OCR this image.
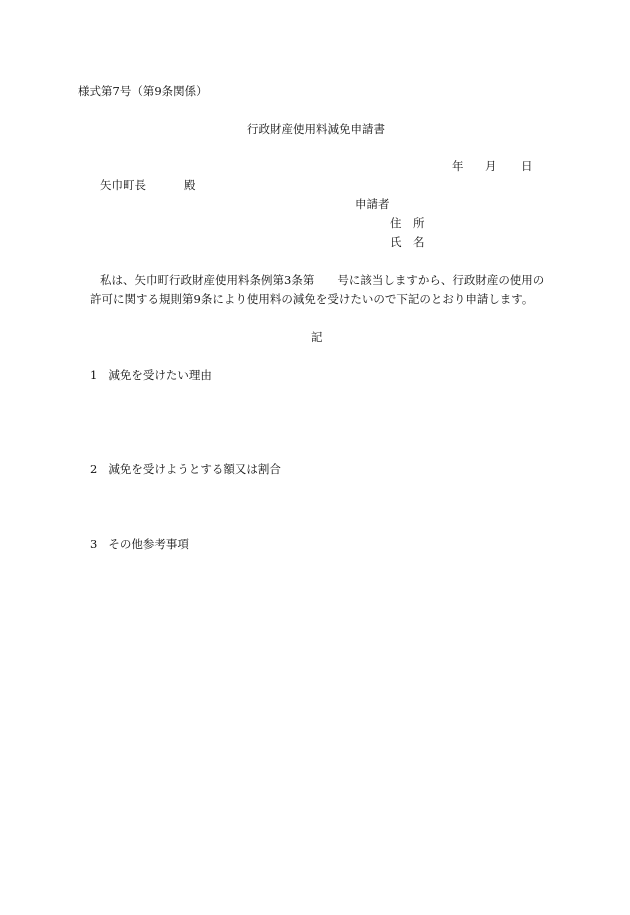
様式第7号（第9条関係）
行政財産使用料減免申請書
年 月 日
矢巾町長	殿
申請者
住　所
氏　名
私は、矢巾町行政財産使用料条例第3条第　　号に該当しますから、行政財産の使用の
許可に関する規則第9条により使用料の減免を受けたいので下記のとおり申請します。
記
1 減免を受けたい理由
2 減免を受けようとする額又は割合
3 その他参考事項
